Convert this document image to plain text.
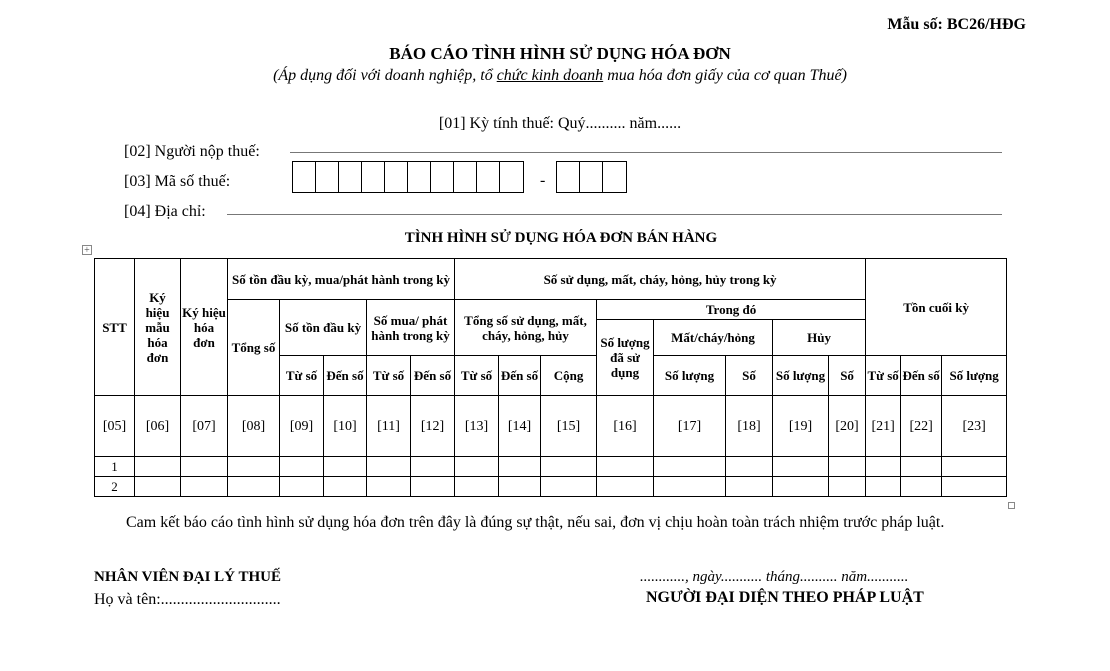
Mẫu số: BC26/HĐG
BÁO CÁO TÌNH HÌNH SỬ DỤNG HÓA ĐƠN
(Áp dụng đối với doanh nghiệp, tổ chức kinh doanh mua hóa đơn giấy của cơ quan Thuế)
[01] Kỳ tính thuế: Quý.......... năm......
[02] Người nộp thuế:
[03] Mã số thuế:	-
[04] Địa chỉ:
TÌNH HÌNH SỬ DỤNG HÓA ĐƠN BÁN HÀNG
+
STT	Ký hiệu mẫu hóa đơn	Ký hiệu hóa đơn	Số tồn đầu kỳ, mua/phát hành trong kỳ					Số sử dụng, mất, cháy, hỏng, hủy trong kỳ								Tồn cuối kỳ		
			Tổng số	Số tồn đầu kỳ		Số mua/ phát hành trong kỳ		Tổng số sử dụng, mất, cháy, hỏng, hủy			Trong đó							
											Số lượng đã sử dụng	Mất/cháy/hỏng		Hủy				
				Từ số	Đến số	Từ số	Đến số	Từ số	Đến số	Cộng		Số lượng	Số	Số lượng	Số	Từ số	Đến số	Số lượng
[05]	[06]	[07]	[08]	[09]	[10]	[11]	[12]	[13]	[14]	[15]	[16]	[17]	[18]	[19]	[20]	[21]	[22]	[23]
1																		
2																		
Cam kết báo cáo tình hình sử dụng hóa đơn trên đây là đúng sự thật, nếu sai, đơn vị chịu hoàn toàn trách nhiệm trước pháp luật.
NHÂN VIÊN ĐẠI LÝ THUẾ
Họ và tên:..............................
............, ngày........... tháng.......... năm...........
NGƯỜI ĐẠI DIỆN THEO PHÁP LUẬT
